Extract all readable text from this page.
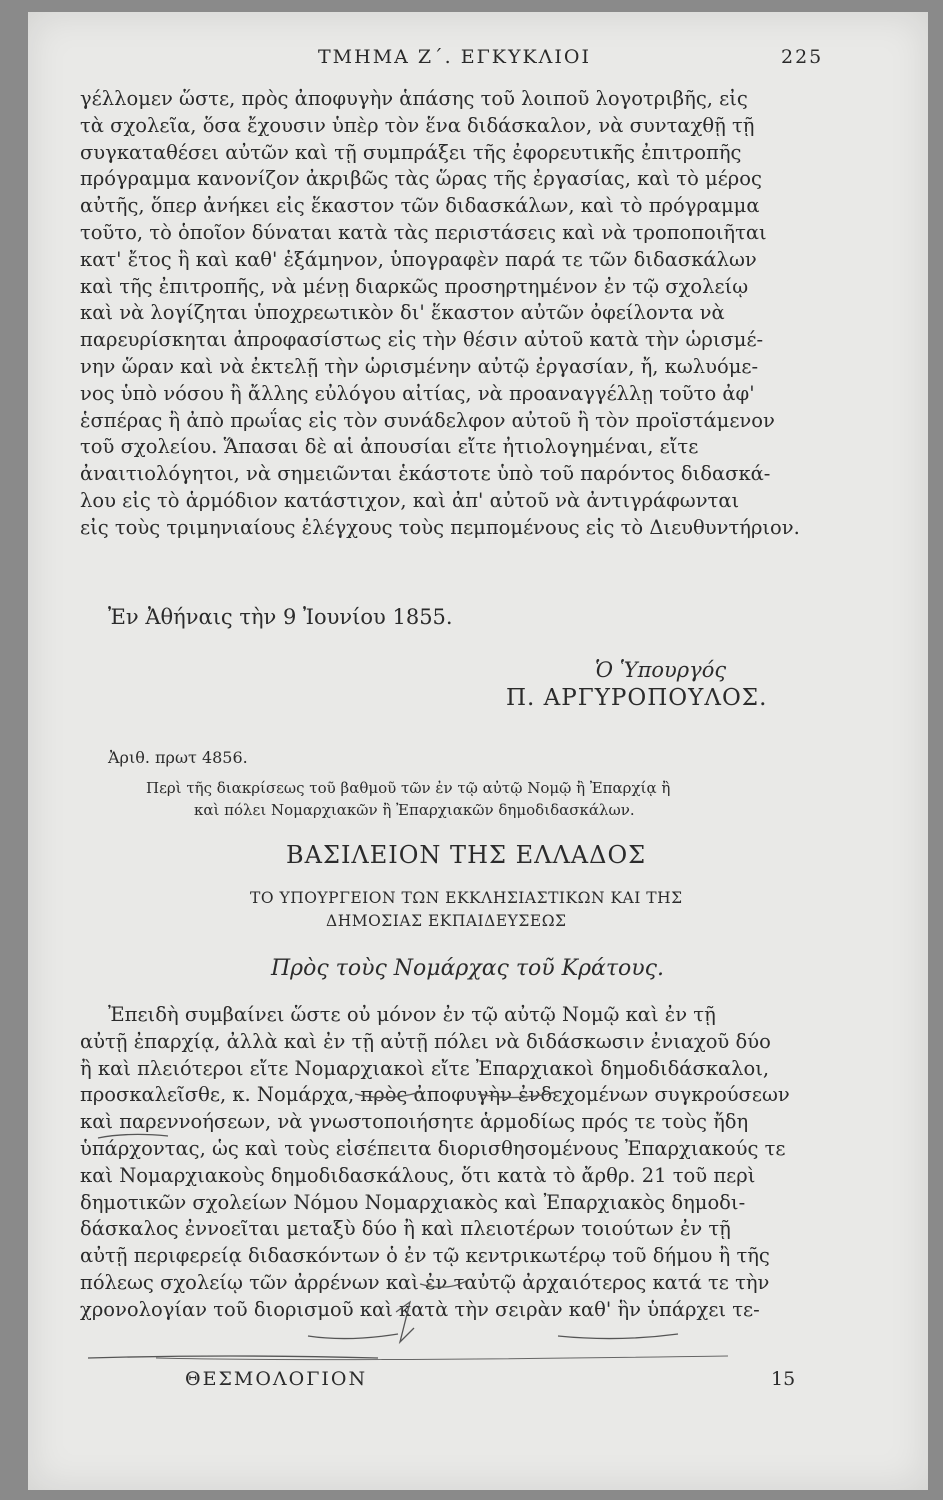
ΤΜΗΜΑ Ζ΄. ΕΓΚΥΚΛΙΟΙ	225
γέλλομεν ὥστε, πρὸς ἀποφυγὴν ἁπάσης τοῦ λοιποῦ λογοτριβῆς, εἰς
τὰ σχολεῖα, ὅσα ἔχουσιν ὑπὲρ τὸν ἕνα διδάσκαλον, νὰ συνταχθῇ τῇ
συγκαταθέσει αὐτῶν καὶ τῇ συμπράξει τῆς ἐφορευτικῆς ἐπιτροπῆς
πρόγραμμα κανονίζον ἀκριβῶς τὰς ὥρας τῆς ἐργασίας, καὶ τὸ μέρος
αὐτῆς, ὅπερ ἀνήκει εἰς ἕκαστον τῶν διδασκάλων, καὶ τὸ πρόγραμμα
τοῦτο, τὸ ὁποῖον δύναται κατὰ τὰς περιστάσεις καὶ νὰ τροποποιῆται
κατ' ἔτος ἢ καὶ καθ' ἑξάμηνον, ὑπογραφὲν παρά τε τῶν διδασκάλων
καὶ τῆς ἐπιτροπῆς, νὰ μένῃ διαρκῶς προσηρτημένον ἐν τῷ σχολείῳ
καὶ νὰ λογίζηται ὑποχρεωτικὸν δι' ἕκαστον αὐτῶν ὀφείλοντα νὰ
παρευρίσκηται ἀπροφασίστως εἰς τὴν θέσιν αὐτοῦ κατὰ τὴν ὡρισμέ-
νην ὥραν καὶ νὰ ἐκτελῇ τὴν ὡρισμένην αὐτῷ ἐργασίαν, ἤ, κωλυόμε-
νος ὑπὸ νόσου ἢ ἄλλης εὐλόγου αἰτίας, νὰ προαναγγέλλῃ τοῦτο ἀφ'
ἑσπέρας ἢ ἀπὸ πρωΐας εἰς τὸν συνάδελφον αὐτοῦ ἢ τὸν προϊστάμενον
τοῦ σχολείου. Ἅπασαι δὲ αἱ ἀπουσίαι εἴτε ἠτιολογημέναι, εἴτε
ἀναιτιολόγητοι, νὰ σημειῶνται ἑκάστοτε ὑπὸ τοῦ παρόντος διδασκά-
λου εἰς τὸ ἁρμόδιον κατάστιχον, καὶ ἀπ' αὐτοῦ νὰ ἀντιγράφωνται
εἰς τοὺς τριμηνιαίους ἐλέγχους τοὺς πεμπομένους εἰς τὸ Διευθυντήριον.
Ἐν Ἀθήναις τὴν 9 Ἰουνίου 1855.
Ὁ Ὑπουργός
Π. ΑΡΓΥΡΟΠΟΥΛΟΣ.
Ἀριθ. πρωτ 4856.
Περὶ τῆς διακρίσεως τοῦ βαθμοῦ τῶν ἐν τῷ αὐτῷ Νομῷ ἢ Ἐπαρχίᾳ ἢ
καὶ πόλει Νομαρχιακῶν ἢ Ἐπαρχιακῶν δημοδιδασκάλων.
ΒΑΣΙΛΕΙΟΝ ΤΗΣ ΕΛΛΑΔΟΣ
ΤΟ ΥΠΟΥΡΓΕΙΟΝ ΤΩΝ ΕΚΚΛΗΣΙΑΣΤΙΚΩΝ ΚΑΙ ΤΗΣ
ΔΗΜΟΣΙΑΣ ΕΚΠΑΙΔΕΥΣΕΩΣ
Πρὸς τοὺς Νομάρχας τοῦ Κράτους.
Ἐπειδὴ συμβαίνει ὥστε οὐ μόνον ἐν τῷ αὐτῷ Νομῷ καὶ ἐν τῇ
αὐτῇ ἐπαρχίᾳ, ἀλλὰ καὶ ἐν τῇ αὐτῇ πόλει νὰ διδάσκωσιν ἐνιαχοῦ δύο
ἢ καὶ πλειότεροι εἴτε Νομαρχιακοὶ εἴτε Ἐπαρχιακοὶ δημοδιδάσκαλοι,
προσκαλεῖσθε, κ. Νομάρχα, πρὸς ἀποφυγὴν ἐνδεχομένων συγκρούσεων
καὶ παρεννοήσεων, νὰ γνωστοποιήσητε ἁρμοδίως πρός τε τοὺς ἤδη
ὑπάρχοντας, ὡς καὶ τοὺς εἰσέπειτα διορισθησομένους Ἐπαρχιακούς τε
καὶ Νομαρχιακοὺς δημοδιδασκάλους, ὅτι κατὰ τὸ ἄρθρ. 21 τοῦ περὶ
δημοτικῶν σχολείων Νόμου Νομαρχιακὸς καὶ Ἐπαρχιακὸς δημοδι-
δάσκαλος ἐννοεῖται μεταξὺ δύο ἢ καὶ πλειοτέρων τοιούτων ἐν τῇ
αὐτῇ περιφερείᾳ διδασκόντων ὁ ἐν τῷ κεντρικωτέρῳ τοῦ δήμου ἢ τῆς
πόλεως σχολείῳ τῶν ἀρρένων καὶ ἐν ταὐτῷ ἀρχαιότερος κατά τε τὴν
χρονολογίαν τοῦ διορισμοῦ καὶ κατὰ τὴν σειρὰν καθ' ἣν ὑπάρχει τε-
ΘΕΣΜΟΛΟΓΙΟΝ	15
